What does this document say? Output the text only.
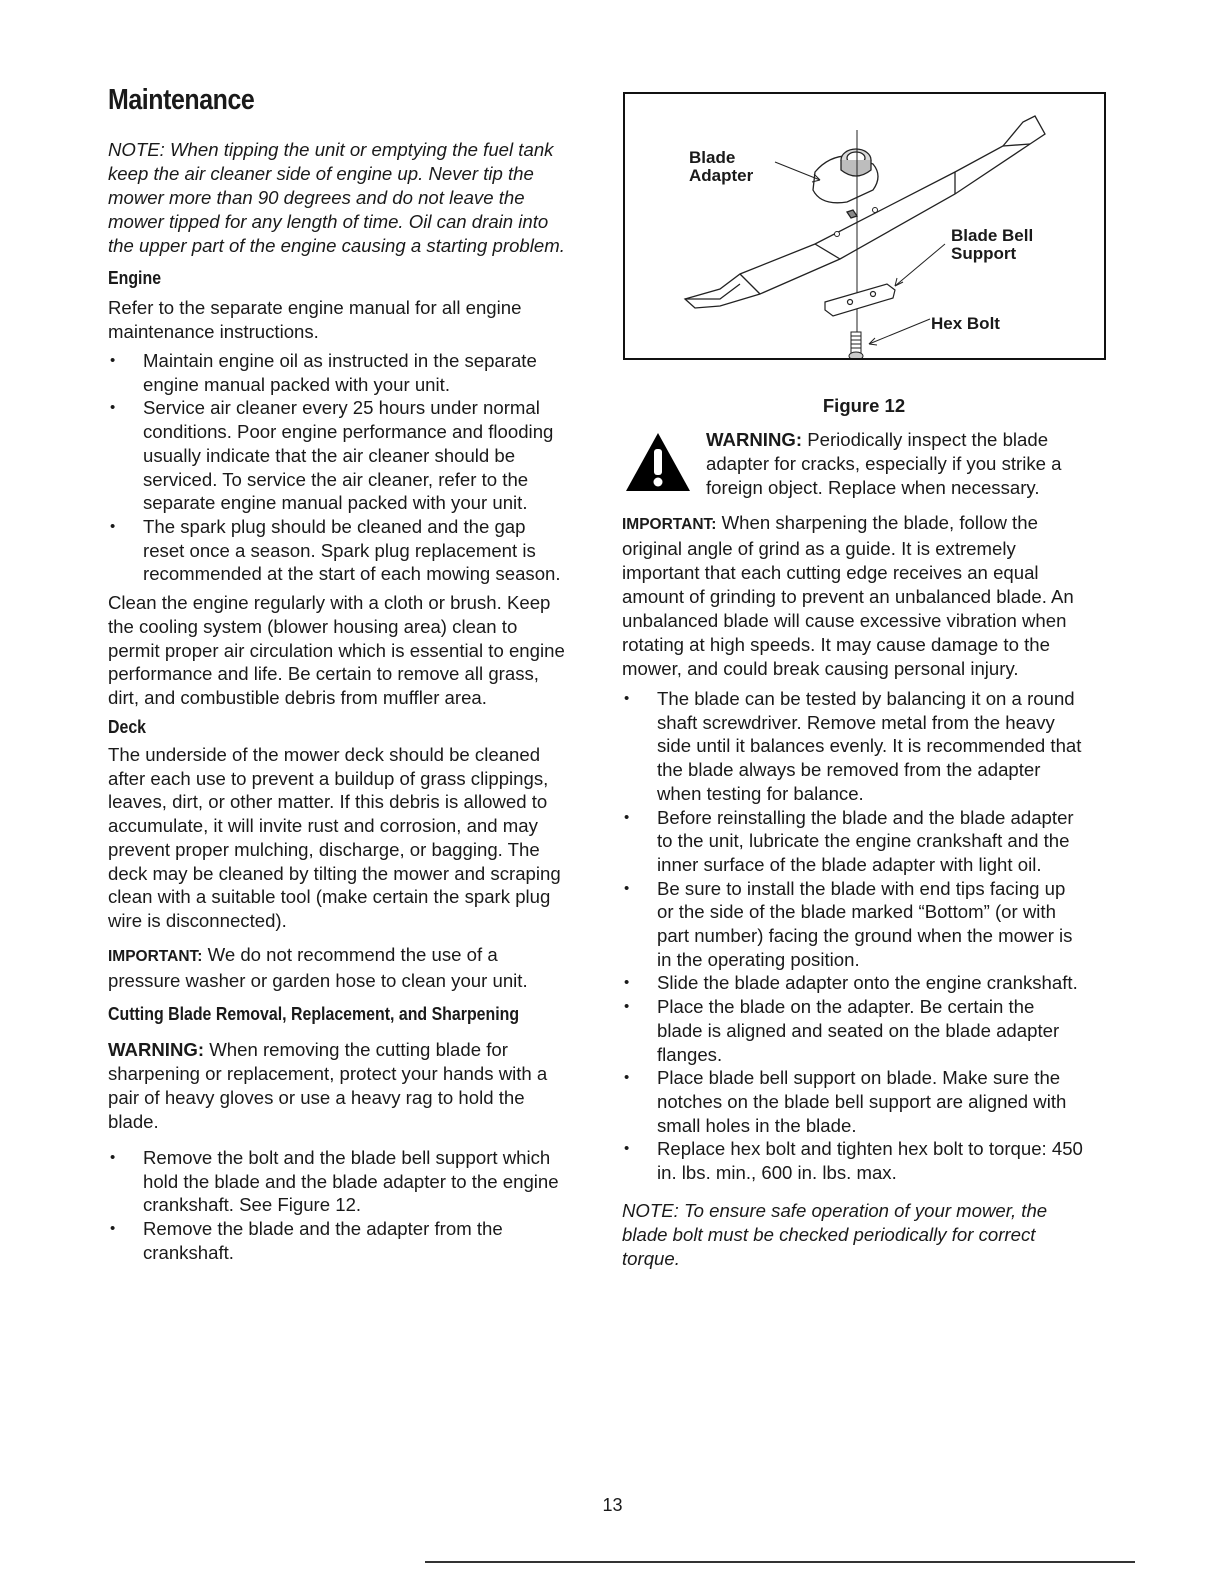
Maintenance

NOTE: When tipping the unit or emptying the fuel tank
keep the air cleaner side of engine up. Never tip the
mower more than 90 degrees and do not leave the
mower tipped for any length of time. Oil can drain into
the upper part of the engine causing a starting problem.

Engine

Refer to the separate engine manual for all engine
maintenance instructions.

• Maintain engine oil as instructed in the separate
engine manual packed with your unit.
• Service air cleaner every 25 hours under normal
conditions. Poor engine performance and flooding
usually indicate that the air cleaner should be
serviced. To service the air cleaner, refer to the
separate engine manual packed with your unit.
• The spark plug should be cleaned and the gap
reset once a season. Spark plug replacement is
recommended at the start of each mowing season.

Clean the engine regularly with a cloth or brush. Keep
the cooling system (blower housing area) clean to
permit proper air circulation which is essential to engine
performance and life. Be certain to remove all grass,
dirt, and combustible debris from muffler area.

Deck

The underside of the mower deck should be cleaned
after each use to prevent a buildup of grass clippings,
leaves, dirt, or other matter. If this debris is allowed to
accumulate, it will invite rust and corrosion, and may
prevent proper mulching, discharge, or bagging. The
deck may be cleaned by tilting the mower and scraping
clean with a suitable tool (make certain the spark plug
wire is disconnected).

IMPORTANT: We do not recommend the use of a
pressure washer or garden hose to clean your unit.

Cutting Blade Removal, Replacement, and Sharpening

WARNING: When removing the cutting blade for
sharpening or replacement, protect your hands with a
pair of heavy gloves or use a heavy rag to hold the
blade.

• Remove the bolt and the blade bell support which
hold the blade and the blade adapter to the engine
crankshaft. See Figure 12.
• Remove the blade and the adapter from the
crankshaft.
Blade
Adapter
Blade Bell
Support
Hex Bolt
Figure 12

WARNING: Periodically inspect the blade
adapter for cracks, especially if you strike a
foreign object. Replace when necessary.

IMPORTANT: When sharpening the blade, follow the
original angle of grind as a guide. It is extremely
important that each cutting edge receives an equal
amount of grinding to prevent an unbalanced blade. An
unbalanced blade will cause excessive vibration when
rotating at high speeds. It may cause damage to the
mower, and could break causing personal injury.

• The blade can be tested by balancing it on a round
shaft screwdriver. Remove metal from the heavy
side until it balances evenly. It is recommended that
the blade always be removed from the adapter
when testing for balance.
• Before reinstalling the blade and the blade adapter
to the unit, lubricate the engine crankshaft and the
inner surface of the blade adapter with light oil.
• Be sure to install the blade with end tips facing up
or the side of the blade marked “Bottom” (or with
part number) facing the ground when the mower is
in the operating position.
• Slide the blade adapter onto the engine crankshaft.
• Place the blade on the adapter. Be certain the
blade is aligned and seated on the blade adapter
flanges.
• Place blade bell support on blade. Make sure the
notches on the blade bell support are aligned with
small holes in the blade.
• Replace hex bolt and tighten hex bolt to torque: 450
in. lbs. min., 600 in. lbs. max.

NOTE: To ensure safe operation of your mower, the
blade bolt must be checked periodically for correct
torque.

13
